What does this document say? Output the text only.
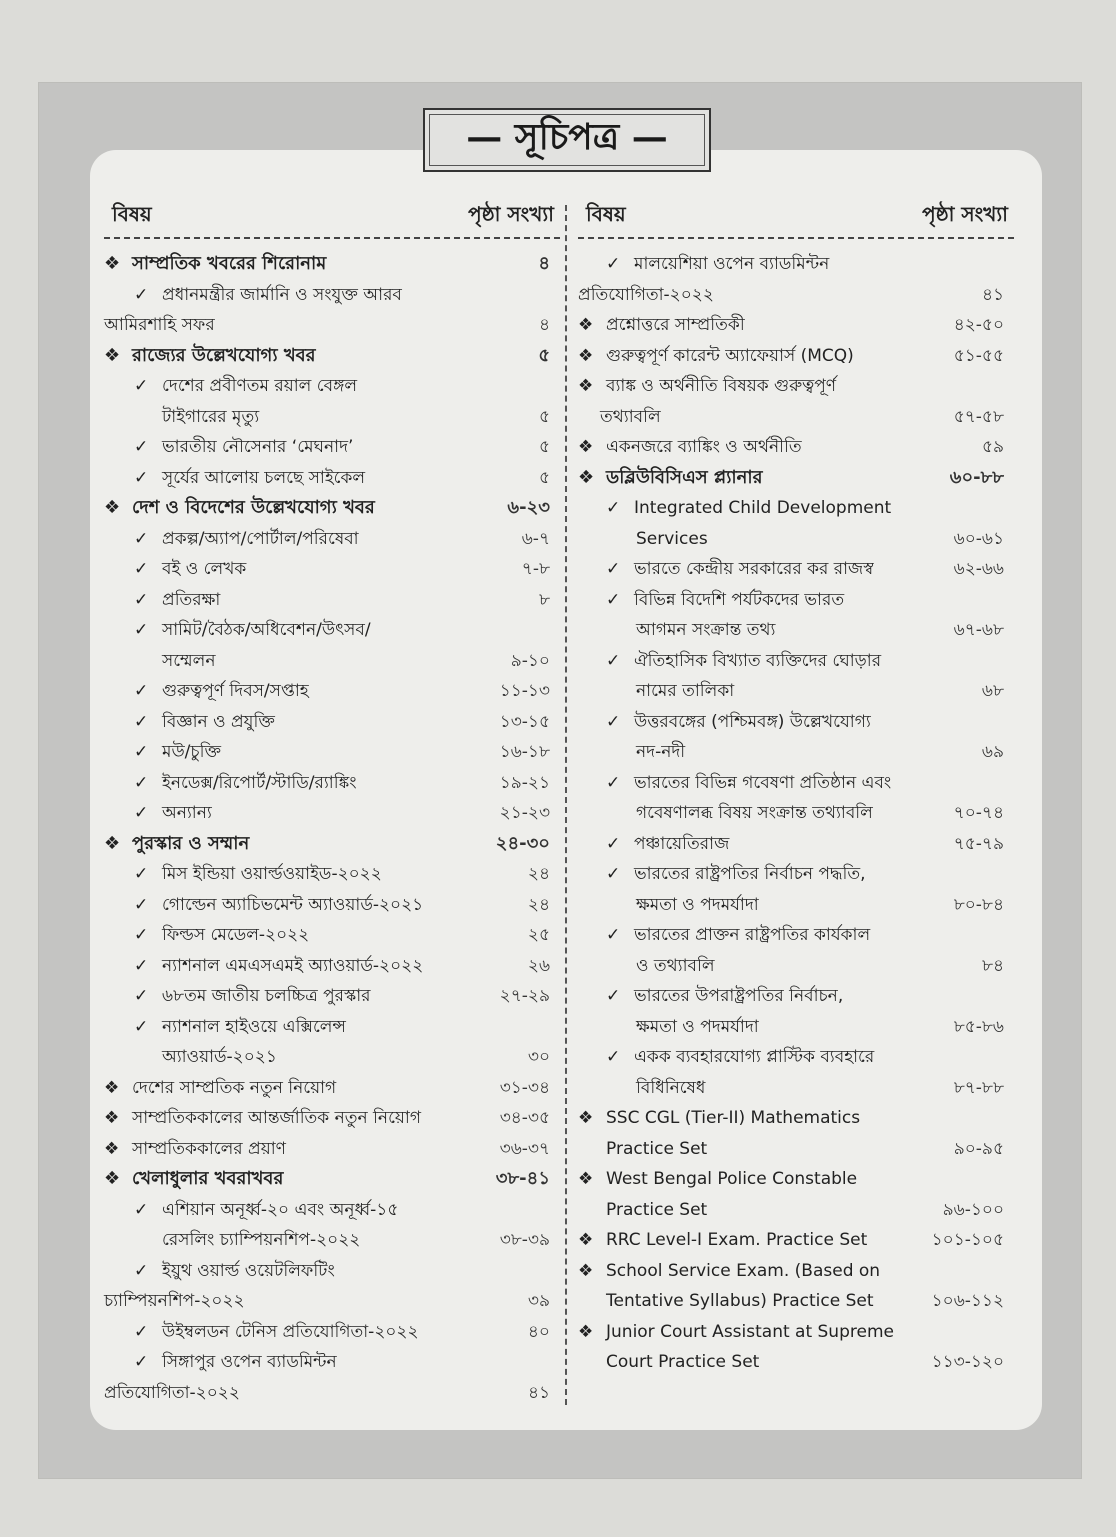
— সূচিপত্র —
বিষয়	পৃষ্ঠা সংখ্যা
❖ সাম্প্রতিক খবরের শিরোনাম	৪
✓ প্রধানমন্ত্রীর জার্মানি ও সংযুক্ত আরব
আমিরশাহি সফর	৪
❖ রাজ্যের উল্লেখযোগ্য খবর	৫
✓ দেশের প্রবীণতম রয়াল বেঙ্গল
টাইগারের মৃত্যু	৫
✓ ভারতীয় নৌসেনার ‘মেঘনাদ’	৫
✓ সূর্যের আলোয় চলছে সাইকেল	৫
❖ দেশ ও বিদেশের উল্লেখযোগ্য খবর	৬-২৩
✓ প্রকল্প/অ্যাপ/পোর্টাল/পরিষেবা	৬-৭
✓ বই ও লেখক	৭-৮
✓ প্রতিরক্ষা	৮
✓ সামিট/বৈঠক/অধিবেশন/উৎসব/
সম্মেলন	৯-১০
✓ গুরুত্বপূর্ণ দিবস/সপ্তাহ	১১-১৩
✓ বিজ্ঞান ও প্রযুক্তি	১৩-১৫
✓ মউ/চুক্তি	১৬-১৮
✓ ইনডেক্স/রিপোর্ট/স্টাডি/র‍্যাঙ্কিং	১৯-২১
✓ অন্যান্য	২১-২৩
❖ পুরস্কার ও সম্মান	২৪-৩০
✓ মিস ইন্ডিয়া ওয়ার্ল্ডওয়াইড-২০২২	২৪
✓ গোল্ডেন অ্যাচিভমেন্ট অ্যাওয়ার্ড-২০২১	২৪
✓ ফিল্ডস মেডেল-২০২২	২৫
✓ ন্যাশনাল এমএসএমই অ্যাওয়ার্ড-২০২২	২৬
✓ ৬৮তম জাতীয় চলচ্চিত্র পুরস্কার	২৭-২৯
✓ ন্যাশনাল হাইওয়ে এক্সিলেন্স
অ্যাওয়ার্ড-২০২১	৩০
❖ দেশের সাম্প্রতিক নতুন নিয়োগ	৩১-৩৪
❖ সাম্প্রতিককালের আন্তর্জাতিক নতুন নিয়োগ	৩৪-৩৫
❖ সাম্প্রতিককালের প্রয়াণ	৩৬-৩৭
❖ খেলাধুলার খবরাখবর	৩৮-৪১
✓ এশিয়ান অনূর্ধ্ব-২০ এবং অনূর্ধ্ব-১৫
রেসলিং চ্যাম্পিয়নশিপ-২০২২	৩৮-৩৯
✓ ইয়ুথ ওয়ার্ল্ড ওয়েটলিফটিং
চ্যাম্পিয়নশিপ-২০২২	৩৯
✓ উইম্বলডন টেনিস প্রতিযোগিতা-২০২২	৪০
✓ সিঙ্গাপুর ওপেন ব্যাডমিন্টন
প্রতিযোগিতা-২০২২	৪১
বিষয়	পৃষ্ঠা সংখ্যা
✓ মালয়েশিয়া ওপেন ব্যাডমিন্টন
প্রতিযোগিতা-২০২২	৪১
❖ প্রশ্নোত্তরে সাম্প্রতিকী	৪২-৫০
❖ গুরুত্বপূর্ণ কারেন্ট অ্যাফেয়ার্স (MCQ)	৫১-৫৫
❖ ব্যাঙ্ক ও অর্থনীতি বিষয়ক গুরুত্বপূর্ণ
তথ্যাবলি	৫৭-৫৮
❖ একনজরে ব্যাঙ্কিং ও অর্থনীতি	৫৯
❖ ডব্লিউবিসিএস প্ল্যানার	৬০-৮৮
✓ Integrated Child Development
Services	৬০-৬১
✓ ভারতে কেন্দ্রীয় সরকারের কর রাজস্ব	৬২-৬৬
✓ বিভিন্ন বিদেশি পর্যটকদের ভারত
আগমন সংক্রান্ত তথ্য	৬৭-৬৮
✓ ঐতিহাসিক বিখ্যাত ব্যক্তিদের ঘোড়ার
নামের তালিকা	৬৮
✓ উত্তরবঙ্গের (পশ্চিমবঙ্গ) উল্লেখযোগ্য
নদ-নদী	৬৯
✓ ভারতের বিভিন্ন গবেষণা প্রতিষ্ঠান এবং
গবেষণালব্ধ বিষয় সংক্রান্ত তথ্যাবলি	৭০-৭৪
✓ পঞ্চায়েতিরাজ	৭৫-৭৯
✓ ভারতের রাষ্ট্রপতির নির্বাচন পদ্ধতি,
ক্ষমতা ও পদমর্যাদা	৮০-৮৪
✓ ভারতের প্রাক্তন রাষ্ট্রপতির কার্যকাল
ও তথ্যাবলি	৮৪
✓ ভারতের উপরাষ্ট্রপতির নির্বাচন,
ক্ষমতা ও পদমর্যাদা	৮৫-৮৬
✓ একক ব্যবহারযোগ্য প্লাস্টিক ব্যবহারে
বিধিনিষেধ	৮৭-৮৮
❖ SSC CGL (Tier-II) Mathematics
Practice Set	৯০-৯৫
❖ West Bengal Police Constable
Practice Set	৯৬-১০০
❖ RRC Level-I Exam. Practice Set	১০১-১০৫
❖ School Service Exam. (Based on
Tentative Syllabus) Practice Set	১০৬-১১২
❖ Junior Court Assistant at Supreme
Court Practice Set	১১৩-১২০
